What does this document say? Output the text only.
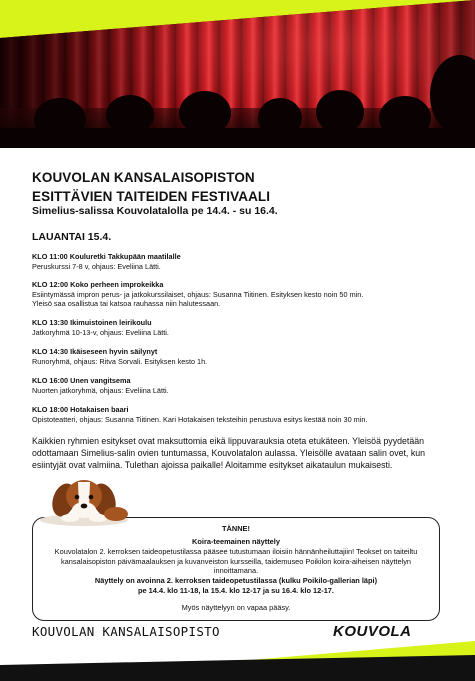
KOUVOLAN KANSALAISOPISTON
ESITTÄVIEN TAITEIDEN FESTIVAALI
Simelius-salissa Kouvolatalolla pe 14.4. - su 16.4.
LAUANTAI 15.4.
KLO 11:00 Kouluretki Takkupään maatilalle
Peruskurssi 7-8 v, ohjaus: Eveliina Lätti.
KLO 12:00 Koko perheen improkeikka
Esiintymässä impron perus- ja jatkokurssilaiset, ohjaus: Susanna Tiitinen. Esityksen kesto noin 50 min.
Yleisö saa osallistua tai katsoa rauhassa niin halutessaan.
KLO 13:30 Ikimuistoinen leirikoulu
Jatkoryhmä 10-13-v, ohjaus: Eveliina Lätti.
KLO 14:30 Ikäiseseen hyvin säilynyt
Runoryhmä, ohjaus: Ritva Sorvali. Esityksen kesto 1h.
KLO 16:00 Unen vangitsema
Nuorten jatkoryhmä, ohjaus: Eveliina Lätti.
KLO 18:00 Hotakaisen baari
Opistoteatteri, ohjaus: Susanna Tiitinen. Kari Hotakaisen teksteihin perustuva esitys kestää noin 30 min.
Kaikkien ryhmien esitykset ovat maksuttomia eikä lippuvarauksia oteta etukäteen. Yleisöä pyydetään odottamaan Simelius-salin ovien tuntumassa, Kouvolatalon aulassa. Yleisölle avataan salin ovet, kun esiintyjät ovat valmiina. Tulethan ajoissa paikalle! Aloitamme esitykset aikataulun mukaisesti.
TÄNNE!
Koira-teemainen näyttely
Kouvolatalon 2. kerroksen taideopetustilassa pääsee tutustumaan iloisiin hännänheiluttajiin! Teokset on taiteiltu
kansalaisopiston päivämaalauksen ja kuvanveiston kursseilla, taidemuseo Poikilon koira-aiheisen näyttelyn
innoittamana.
Näyttely on avoinna 2. kerroksen taideopetustilassa (kulku Poikilo-gallerian läpi)
pe 14.4. klo 11-18, la 15.4. klo 12-17 ja su 16.4. klo 12-17.
Myös näyttelyyn on vapaa pääsy.
KOUVOLAN KANSALAISOPISTO	KOUVOLA
